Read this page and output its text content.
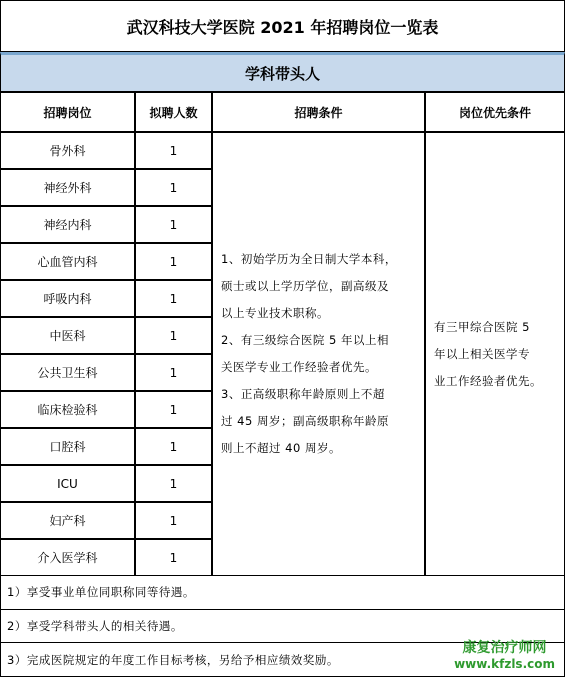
武汉科技大学医院 2021 年招聘岗位一览表
学科带头人
招聘岗位	拟聘人数	招聘条件	岗位优先条件
骨外科	1
神经外科	1
神经内科	1
心血管内科	1
呼吸内科	1
中医科	1
公共卫生科	1
临床检验科	1
口腔科	1
ICU	1
妇产科	1
介入医学科	1
1、初始学历为全日制大学本科，
硕士或以上学历学位，副高级及
以上专业技术职称。
2、有三级综合医院 5 年以上相
关医学专业工作经验者优先。
3、正高级职称年龄原则上不超
过 45 周岁；副高级职称年龄原
则上不超过 40 周岁。
有三甲综合医院 5
年以上相关医学专
业工作经验者优先。
1）享受事业单位同职称同等待遇。
2）享受学科带头人的相关待遇。
3）完成医院规定的年度工作目标考核，另给予相应绩效奖励。
康复治疗师网
www.kfzls.com
